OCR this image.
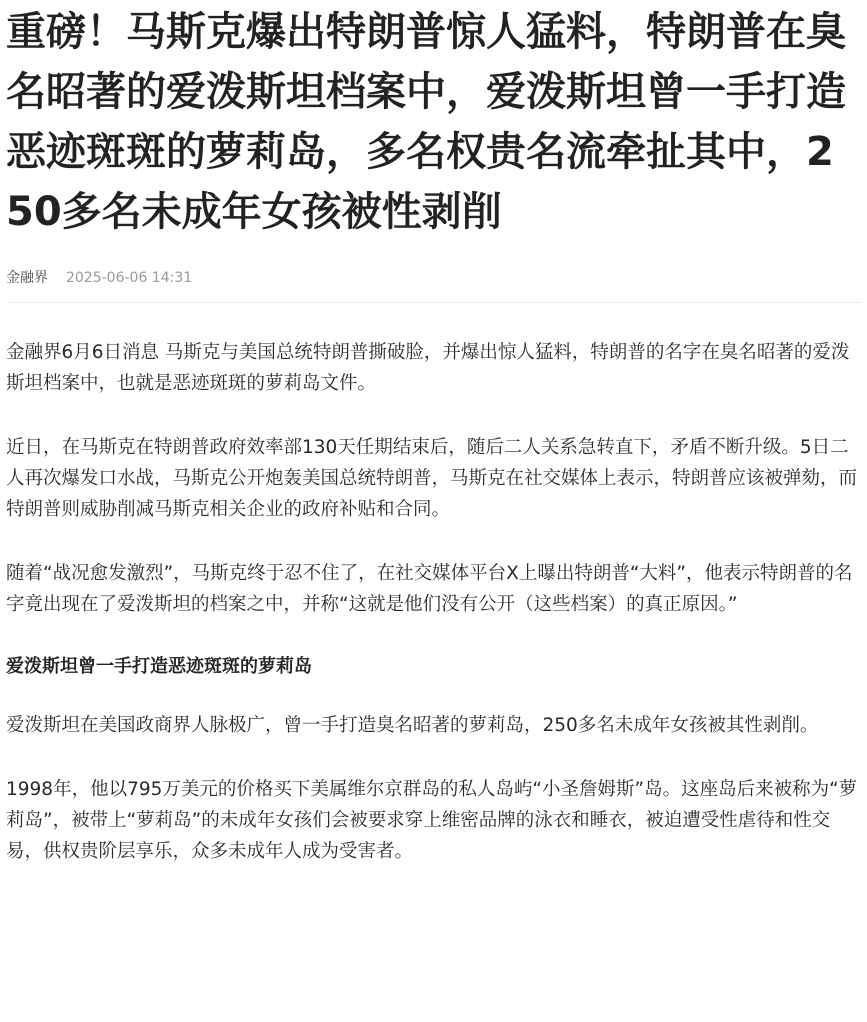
重磅！马斯克爆出特朗普惊人猛料，特朗普在臭名昭著的爱泼斯坦档案中，爱泼斯坦曾一手打造恶迹斑斑的萝莉岛，多名权贵名流牵扯其中，250多名未成年女孩被性剥削
金融界 2025-06-06 14:31

金融界6月6日消息 马斯克与美国总统特朗普撕破脸，并爆出惊人猛料，特朗普的名字在臭名昭著的爱泼斯坦档案中，也就是恶迹斑斑的萝莉岛文件。

近日，在马斯克在特朗普政府效率部130天任期结束后，随后二人关系急转直下，矛盾不断升级。5日二人再次爆发口水战，马斯克公开炮轰美国总统特朗普，马斯克在社交媒体上表示，特朗普应该被弹劾，而特朗普则威胁削减马斯克相关企业的政府补贴和合同。

随着“战况愈发激烈”，马斯克终于忍不住了，在社交媒体平台X上曝出特朗普“大料”，他表示特朗普的名字竟出现在了爱泼斯坦的档案之中，并称“这就是他们没有公开（这些档案）的真正原因。”

爱泼斯坦曾一手打造恶迹斑斑的萝莉岛

爱泼斯坦在美国政商界人脉极广，曾一手打造臭名昭著的萝莉岛，250多名未成年女孩被其性剥削。

1998年，他以795万美元的价格买下美属维尔京群岛的私人岛屿“小圣詹姆斯”岛。这座岛后来被称为“萝莉岛”，被带上“萝莉岛”的未成年女孩们会被要求穿上维密品牌的泳衣和睡衣，被迫遭受性虐待和性交易，供权贵阶层享乐，众多未成年人成为受害者。
